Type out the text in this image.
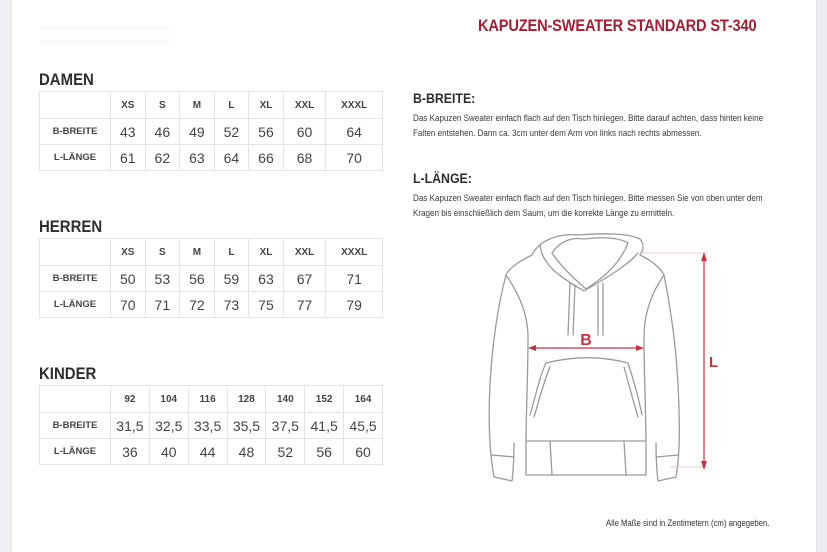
KAPUZEN-SWEATER STANDARD ST-340
DAMEN
	XS	S	M	L	XL	XXL	XXXL
B-BREITE	43	46	49	52	56	60	64
L-LÄNGE	61	62	63	64	66	68	70
HERREN
	XS	S	M	L	XL	XXL	XXXL
B-BREITE	50	53	56	59	63	67	71
L-LÄNGE	70	71	72	73	75	77	79
KINDER
	92	104	116	128	140	152	164
B-BREITE	31,5	32,5	33,5	35,5	37,5	41,5	45,5
L-LÄNGE	36	40	44	48	52	56	60
B-BREITE:
Das Kapuzen Sweater einfach flach auf den Tisch hinlegen. Bitte darauf achten, dass hinten keine Falten entstehen. Dann ca. 3cm unter dem Arm von links nach rechts abmessen.
L-LÄNGE:
Das Kapuzen Sweater einfach flach auf den Tisch hinlegen. Bitte messen Sie von oben unter dem Kragen bis einschließlich dem Saum, um die korrekte Länge zu ermitteln.
B
L
Alle Maße sind in Zentimetern (cm) angegeben.
